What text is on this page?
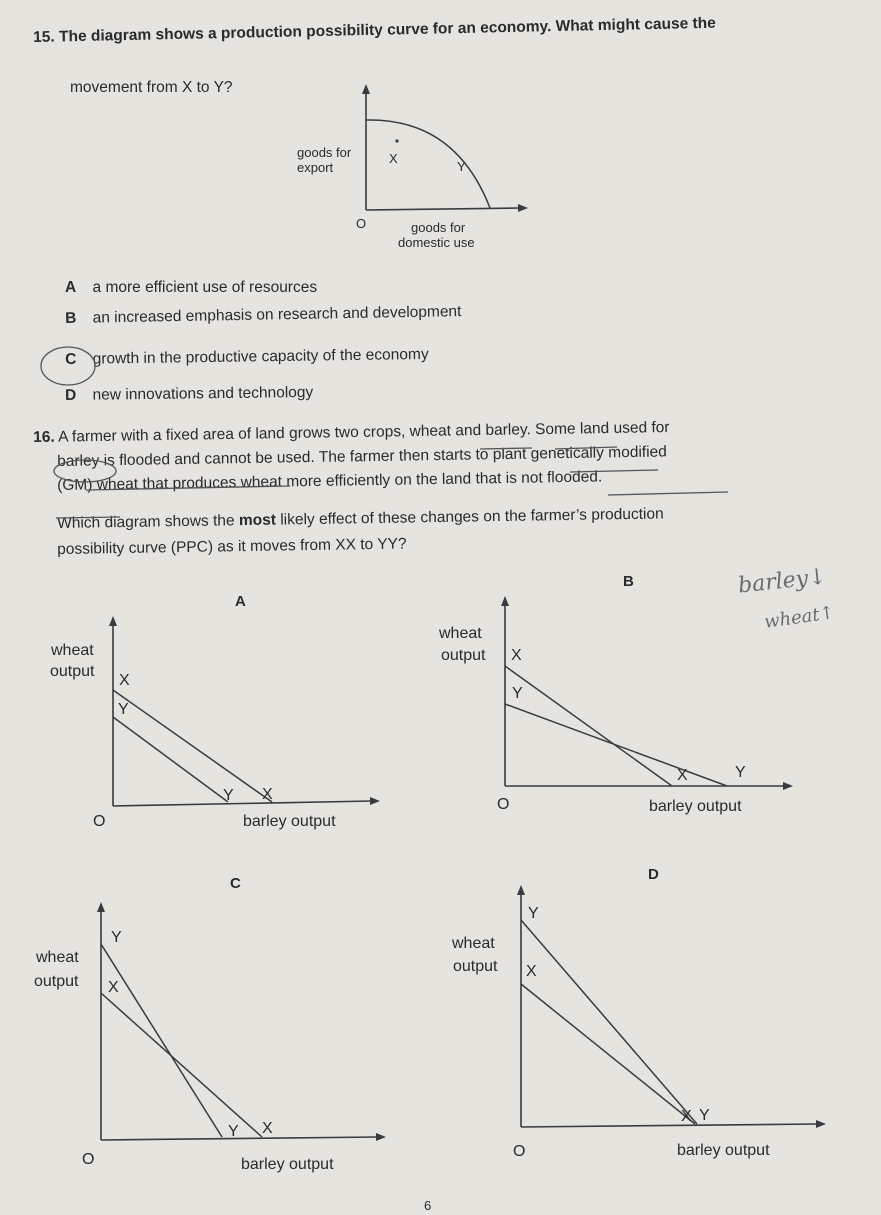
15. The diagram shows a production possibility curve for an economy. What might cause the
movement from X to Y?
goods for
export
X
Y
O	goods for
domestic use
A a more efficient use of resources
B an increased emphasis on research and development
C growth in the productive capacity of the economy
D new innovations and technology
16. A farmer with a fixed area of land grows two crops, wheat and barley. Some land used for
barley is flooded and cannot be used. The farmer then starts to plant genetically modified
(GM) wheat that produces wheat more efficiently on the land that is not flooded.
Which diagram shows the most likely effect of these changes on the farmer’s production
possibility curve (PPC) as it moves from XX to YY?
barley↓
wheat↑
A
wheat
output
X
Y
Y X
O	barley output
B
wheat
output X
Y
X	Y
O	barley output
C
wheat
output
Y
X
Y X
O	barley output
D
wheat
output
Y
X
X Y
O	barley output
6
